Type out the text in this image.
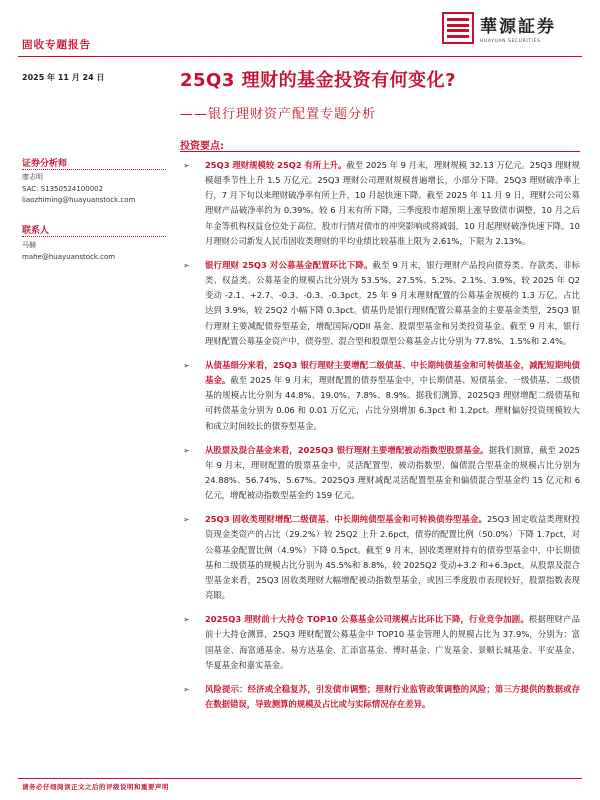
固收专题报告
華源証券
HUAYUAN SECURITIES
2025 年 11 月 24 日	25Q3 理财的基金投资有何变化?
——银行理财资产配置专题分析
证券分析师
廖志明
SAC: S1350524100002
liaozhiming@huayuanstock.com
联系人
马赫
mahe@huayuanstock.com
投资要点:
➢ 25Q3 理财规模较 25Q2 有所上升。截至 2025 年 9 月末，理财规模 32.13 万亿元。25Q3 理财规模超季节性上升 1.5 万亿元。25Q3 理财公司理财规模普遍增长，小部分下降。25Q3 理财破净率上行，7 月下旬以来理财破净率有所上升，10 月起快速下降。截至 2025 年 11 月 9 日，理财公司公募理财产品破净率约为 0.39%。较 6 月末有所下降，三季度股市超预期上涨导致债市调整，10 月之后年金等机构权益仓位处于高位，股市行情对债市的冲突影响或将减弱，10 月起理财破净快速下降。10 月理财公司新发人民币固收类理财的平均业绩比较基准上限为 2.61%，下限为 2.13%。
➢ 银行理财 25Q3 对公募基金配置环比下降。截至 9 月末，银行理财产品投向债券类、存款类、非标类、权益类、公募基金的规模占比分别为 53.5%、27.5%、5.2%、2.1%、3.9%，较 2025 年 Q2 变动 -2.1、+2.7、-0.3、-0.3、-0.3pct。25 年 9 月末理财配置的公募基金规模约 1.3 万亿，占比达到 3.9%，较 25Q2 小幅下降 0.3pct。债基仍是银行理财配置公募基金的主要基金类型，25Q3 银行理财主要减配债券型基金，增配国际/QDII 基金、股票型基金和另类投资基金。截至 9 月末，银行理财配置公募基金资产中，债券型、混合型和股票型公募基金占比分别为 77.8%、1.5%和 2.4%。
➢ 从债基细分来看，25Q3 银行理财主要增配二级债基、中长期纯债基金和可转债基金，减配短期纯债基金。截至 2025 年 9 月末，理财配置的债券型基金中，中长期债基、短债基金、一级债基、二级债基的规模占比分别为 44.8%、19.0%、7.8%、8.9%。据我们测算，2025Q3 理财增配二级债基和可转债基金分别为 0.06 和 0.01 万亿元，占比分别增加 6.3pct 和 1.2pct。理财偏好投资规模较大和成立时间较长的债券型基金。
➢ 从股票及混合基金来看，2025Q3 银行理财主要增配被动指数型股票基金。据我们测算，截至 2025 年 9 月末，理财配置的股票基金中，灵活配置型、被动指数型、偏债混合型基金的规模占比分别为 24.88%、56.74%、5.67%。2025Q3 理财减配灵活配置型基金和偏债混合型基金约 15 亿元和 6 亿元，增配被动指数型基金约 159 亿元。
➢ 25Q3 固收类理财增配二级债基、中长期纯债型基金和可转换债券型基金。25Q3 固定收益类理财投资现金类资产的占比（29.2%）较 25Q2 上升 2.6pct，债券的配置比例（50.0%）下降 1.7pct，对公募基金配置比例（4.9%）下降 0.5pct。截至 9 月末，固收类理财持有的债券型基金中，中长期债基和二级债基的规模占比分别为 45.5%和 8.8%，较 2025Q2 变动+3.2 和+6.3pct。从股票及混合型基金来看，25Q3 固收类理财大幅增配被动指数型基金，或因三季度股市表现较好，股票指数表现亮眼。
➢ 2025Q3 理财前十大持仓 TOP10 公募基金公司规模占比环比下降，行业竞争加剧。根据理财产品前十大持仓测算，25Q3 理财配置公募基金中 TOP10 基金管理人的规模占比为 37.9%，分别为：富国基金、海富通基金、易方达基金、汇添富基金、博时基金、广发基金、景顺长城基金、平安基金、华夏基金和嘉实基金。
➢ 风险提示：经济或全稳复苏，引发债市调整；理财行业监管政策调整的风险；第三方提供的数据或存在数据错误，导致测算的规模及占比或与实际情况存在差异。
请务必仔细阅读正文之后的评级说明和重要声明
